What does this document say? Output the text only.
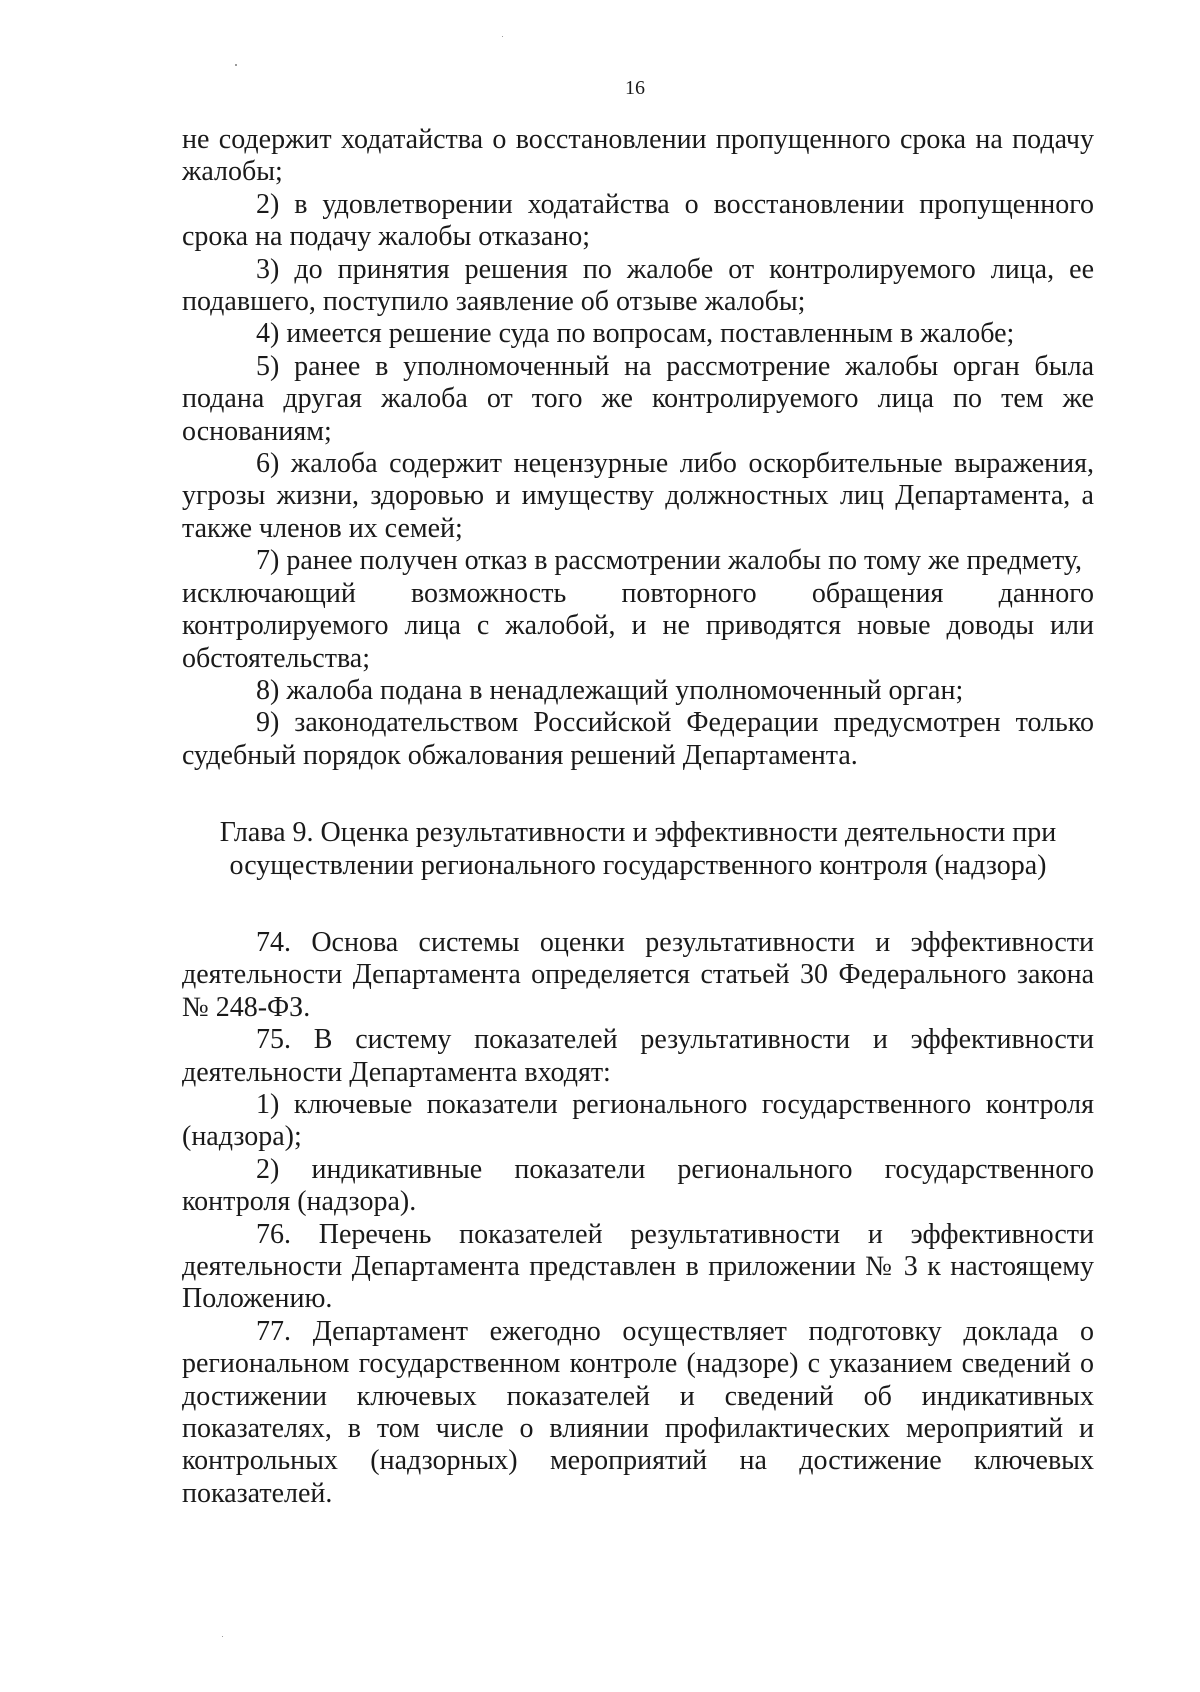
16

не содержит ходатайства о восстановлении пропущенного срока на подачу жалобы;

2) в удовлетворении ходатайства о восстановлении пропущенного срока на подачу жалобы отказано;

3) до принятия решения по жалобе от контролируемого лица, ее подавшего, поступило заявление об отзыве жалобы;

4) имеется решение суда по вопросам, поставленным в жалобе;

5) ранее в уполномоченный на рассмотрение жалобы орган была подана другая жалоба от того же контролируемого лица по тем же основаниям;

6) жалоба содержит нецензурные либо оскорбительные выражения, угрозы жизни, здоровью и имуществу должностных лиц Департамента, а также членов их семей;

7) ранее получен отказ в рассмотрении жалобы по тому же предмету,

исключающий возможность повторного обращения данного контролируемого лица с жалобой, и не приводятся новые доводы или обстоятельства;

8) жалоба подана в ненадлежащий уполномоченный орган;

9) законодательством Российской Федерации предусмотрен только судебный порядок обжалования решений Департамента.

Глава 9. Оценка результативности и эффективности деятельности при
осуществлении регионального государственного контроля (надзора)

74. Основа системы оценки результативности и эффективности деятельности Департамента определяется статьей 30 Федерального закона № 248-ФЗ.

75. В систему показателей результативности и эффективности деятельности Департамента входят:

1) ключевые показатели регионального государственного контроля (надзора);

2) индикативные показатели регионального государственного контроля (надзора).

76. Перечень показателей результативности и эффективности деятельности Департамента представлен в приложении № 3 к настоящему Положению.

77. Департамент ежегодно осуществляет подготовку доклада о региональном государственном контроле (надзоре) с указанием сведений о достижении ключевых показателей и сведений об индикативных показателях, в том числе о влиянии профилактических мероприятий и контрольных (надзорных) мероприятий на достижение ключевых показателей.
